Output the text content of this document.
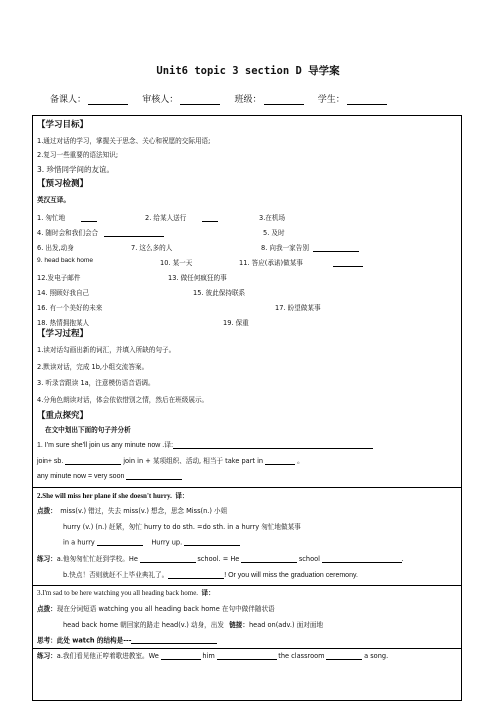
Unit6 topic 3 section D 导学案
备课人：	审核人：	班级：	学生：
【学习目标】
1.通过对话的学习，掌握关于思念、关心和祝愿的交际用语;
2.复习一些重要的语法知识;
3. 珍惜同学间的友谊。
【预习检测】
英汉互译。
1. 匆忙地	2. 给某人送行	3.在机场
4. 随时会和我们会合	5. 及时
6. 出发,动身	7. 这么多的人	8. 向我一家告别
9. head back home	10. 某一天	11. 答应(承诺)做某事
12.发电子邮件	13. 做任何疯狂的事
14. 照顾好我自己	15. 彼此保持联系
16. 有一个美好的未来	17. 盼望做某事
18. 热情拥抱某人	19. 保重
【学习过程】
1.读对话勾画出新的词汇，并填入所缺的句子。
2.默读对话，完成 1b,小组交流答案。
3. 听录音跟读 1a，注意模仿语音语调。
4.分角色朗读对话，体会依依惜别之情，然后在班级展示。
【重点探究】
在文中划出下面的句子并分析
1. I'm sure she'll join us any minute now .译:
join+ sb.	join in + 某项组织、活动, 相当于 take part in	。
any minute now = very soon
2.She will miss her plane if she doesn't hurry. 译：
点拨： miss(v.) 错过，失去 miss(v.) 想念，思念 Miss(n.) 小姐
hurry (v.) (n.) 赶紧，匆忙 hurry to do sth. =do sth. in a hurry 匆忙地做某事
in a hurry	Hurry up.
练习：a.他匆匆忙忙赶到学校。He	school. = He	school	.
b.快点！否则就赶不上毕业典礼了。	! Or you will miss the graduation ceremony.
3.I'm sad to be here watching you all heading back home. 译：
点拨：现在分词短语 watching you all heading back home 在句中做伴随状语
head back home 朝回家的路走 head(v.) 动身，出发 链接：head on(adv.) 面对面地
思考：此处 watch 的结构是---
练习：a.我们看见他正哼着歌进教室。We	him	the classroom	a song.
